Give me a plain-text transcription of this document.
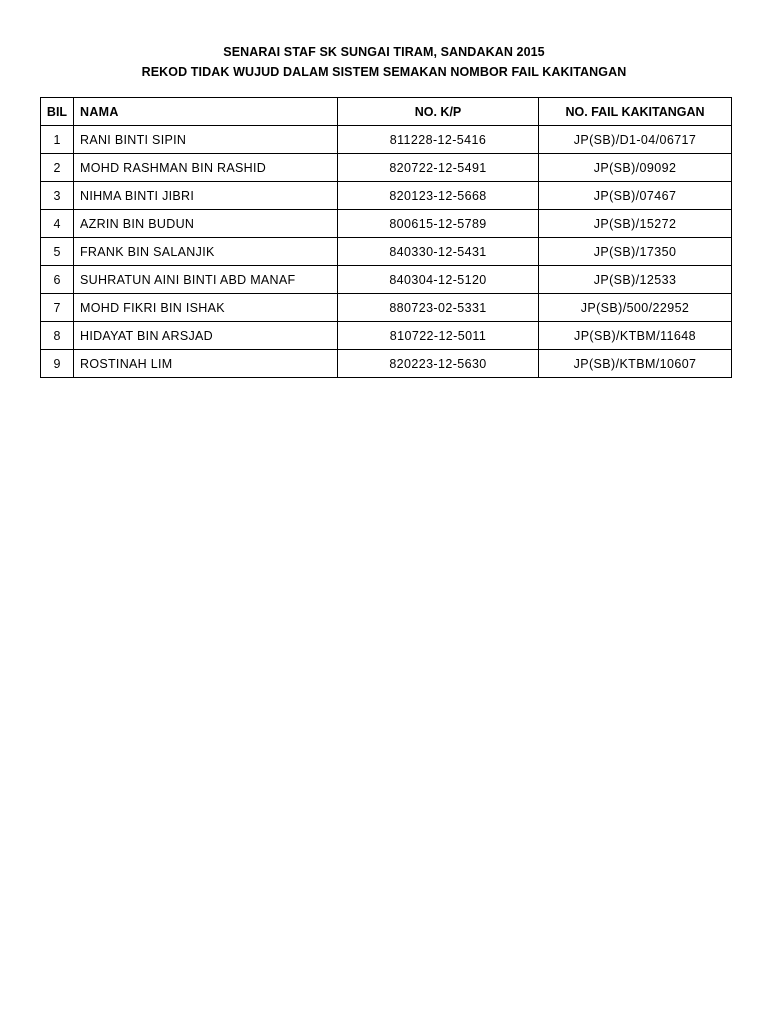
SENARAI STAF SK SUNGAI TIRAM, SANDAKAN 2015
REKOD TIDAK WUJUD DALAM SISTEM SEMAKAN NOMBOR FAIL KAKITANGAN
BIL	NAMA	NO. K/P	NO. FAIL KAKITANGAN
1	RANI BINTI SIPIN	811228-12-5416	JP(SB)/D1-04/06717
2	MOHD RASHMAN BIN RASHID	820722-12-5491	JP(SB)/09092
3	NIHMA BINTI JIBRI	820123-12-5668	JP(SB)/07467
4	AZRIN BIN BUDUN	800615-12-5789	JP(SB)/15272
5	FRANK BIN SALANJIK	840330-12-5431	JP(SB)/17350
6	SUHRATUN AINI BINTI ABD MANAF	840304-12-5120	JP(SB)/12533
7	MOHD FIKRI BIN ISHAK	880723-02-5331	JP(SB)/500/22952
8	HIDAYAT BIN ARSJAD	810722-12-5011	JP(SB)/KTBM/11648
9	ROSTINAH LIM	820223-12-5630	JP(SB)/KTBM/10607
